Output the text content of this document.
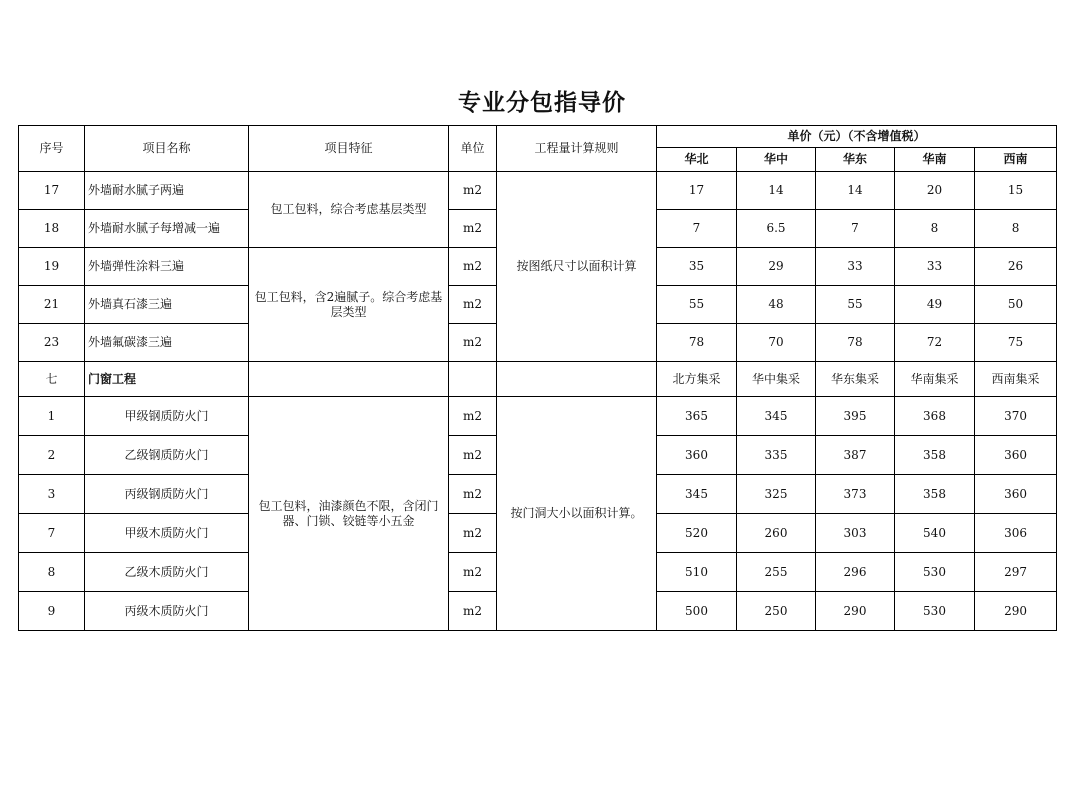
专业分包指导价
序号	项目名称	项目特征	单位	工程量计算规则	单价（元）（不含增值税）				
					华北	华中	华东	华南	西南
17	外墙耐水腻子两遍	包工包料，综合考虑基层类型	m2	按图纸尺寸以面积计算	17	14	14	20	15
18	外墙耐水腻子每增减一遍		m2		7	6.5	7	8	8
19	外墙弹性涂料三遍	包工包料，含2遍腻子。综合考虑基层类型	m2		35	29	33	33	26
21	外墙真石漆三遍		m2		55	48	55	49	50
23	外墙氟碳漆三遍		m2		78	70	78	72	75
七	门窗工程				北方集采	华中集采	华东集采	华南集采	西南集采
1	甲级钢质防火门	包工包料，油漆颜色不限，含闭门器、门锁、铰链等小五金	m2	按门洞大小以面积计算。	365	345	395	368	370
2	乙级钢质防火门		m2		360	335	387	358	360
3	丙级钢质防火门		m2		345	325	373	358	360
7	甲级木质防火门		m2		520	260	303	540	306
8	乙级木质防火门		m2		510	255	296	530	297
9	丙级木质防火门		m2		500	250	290	530	290
